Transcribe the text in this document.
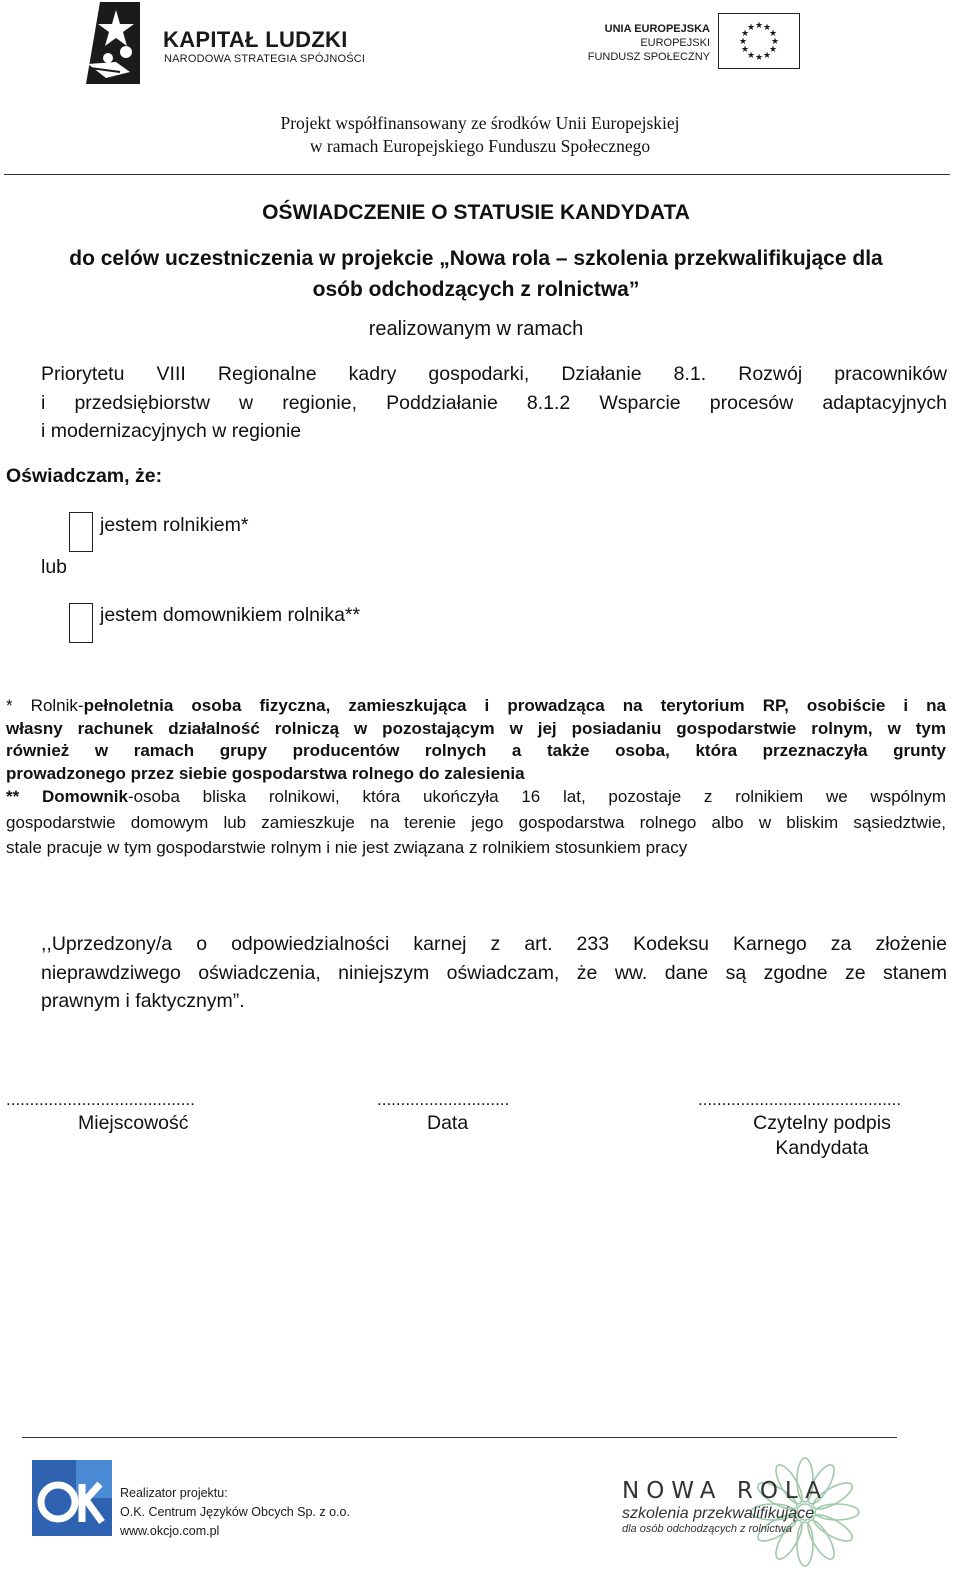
KAPITAŁ LUDZKI
NARODOWA STRATEGIA SPÓJNOŚCI
UNIA EUROPEJSKA
EUROPEJSKI
FUNDUSZ SPOŁECZNY
★ ★
★
★
★
★
★
★
★
★
★
★
Projekt współfinansowany ze środków Unii Europejskiej
w ramach Europejskiego Funduszu Społecznego
OŚWIADCZENIE O STATUSIE KANDYDATA
do celów uczestniczenia w projekcie „Nowa rola – szkolenia przekwalifikujące dla
osób odchodzących z rolnictwa”
realizowanym w ramach
Priorytetu VIII Regionalne kadry gospodarki, Działanie 8.1. Rozwój pracowników
i przedsiębiorstw w regionie, Poddziałanie 8.1.2 Wsparcie procesów adaptacyjnych
i modernizacyjnych w regionie
Oświadczam, że:
jestem rolnikiem*
lub
jestem domownikiem rolnika**
* Rolnik-pełnoletnia osoba fizyczna, zamieszkująca i prowadząca na terytorium RP, osobiście i na
własny rachunek działalność rolniczą w pozostającym w jej posiadaniu gospodarstwie rolnym, w tym
również w ramach grupy producentów rolnych a także osoba, która przeznaczyła grunty
prowadzonego przez siebie gospodarstwa rolnego do zalesienia
** Domownik-osoba bliska rolnikowi, która ukończyła 16 lat, pozostaje z rolnikiem we wspólnym
gospodarstwie domowym lub zamieszkuje na terenie jego gospodarstwa rolnego albo w bliskim sąsiedztwie,
stale pracuje w tym gospodarstwie rolnym i nie jest związana z rolnikiem stosunkiem pracy
,,Uprzedzony/a o odpowiedzialności karnej z art. 233 Kodeksu Karnego za złożenie
nieprawdziwego oświadczenia, niniejszym oświadczam, że ww. dane są zgodne ze stanem
prawnym i faktycznym”.
........................................	............................	...........................................
Miejscowość	Data	Czytelny podpis
Kandydata
Realizator projektu:
O.K. Centrum Języków Obcych Sp. z o.o.
www.okcjo.com.pl
NOWA ROLA
szkolenia przekwalifikujące
dla osób odchodzących z rolnictwa
